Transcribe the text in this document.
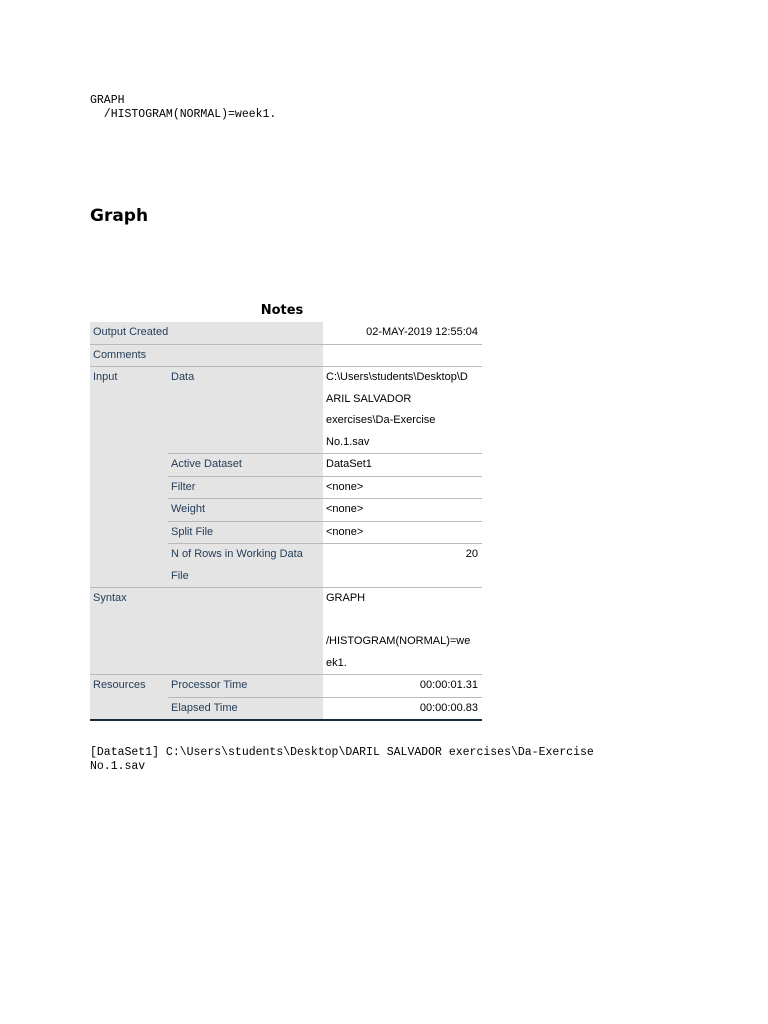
GRAPH
/HISTOGRAM(NORMAL)=week1.
Graph
Notes
Output Created		02-MAY-2019 12:55:04
Comments		
Input	Data	C:\Users\students\Desktop\D
ARIL SALVADOR
exercises\Da-Exercise
No.1.sav

	Active Dataset	DataSet1
	Filter	<none>
	Weight	<none>
	Split File	<none>

	N of Rows in Working Data
File	20
Syntax		GRAPH
/HISTOGRAM(NORMAL)=we
ek1.

Resources	Processor Time	00:00:01.31
	Elapsed Time	00:00:00.83
[DataSet1] C:\Users\students\Desktop\DARIL SALVADOR exercises\Da-Exercise
No.1.sav
